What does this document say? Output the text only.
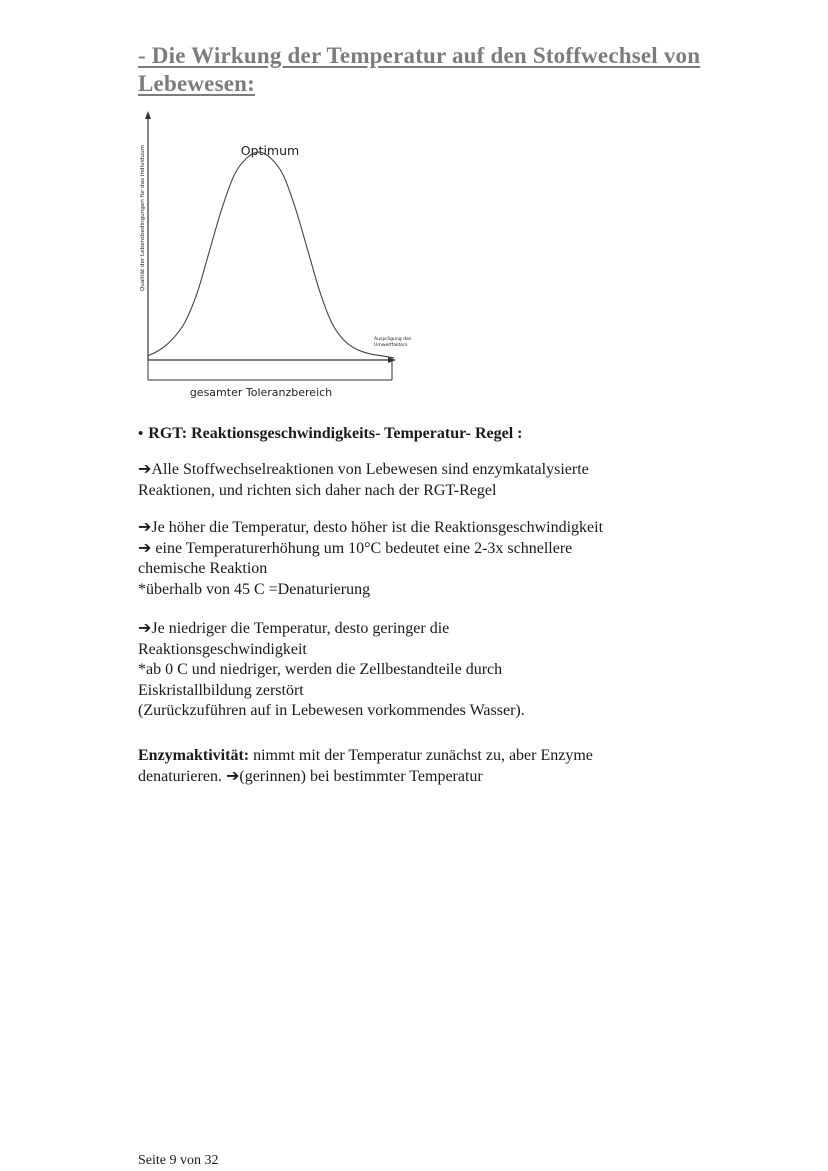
- Die Wirkung der Temperatur auf den Stoffwechsel von
Lebewesen:
Optimum
Qualität der Lebensbedingungen für das Individuum
Ausprägung des
Umweltfaktors
gesamter Toleranzbereich

• RGT: Reaktionsgeschwindigkeits- Temperatur- Regel :

➔Alle Stoffwechselreaktionen von Lebewesen sind enzymkatalysierte
Reaktionen, und richten sich daher nach der RGT-Regel

➔Je höher die Temperatur, desto höher ist die Reaktionsgeschwindigkeit
➔ eine Temperaturerhöhung um 10°C bedeutet eine 2-3x schnellere
chemische Reaktion
*überhalb von 45 C =Denaturierung

➔Je niedriger die Temperatur, desto geringer die
Reaktionsgeschwindigkeit
*ab 0 C und niedriger, werden die Zellbestandteile durch
Eiskristallbildung zerstört
(Zurückzuführen auf in Lebewesen vorkommendes Wasser).

Enzymaktivität: nimmt mit der Temperatur zunächst zu, aber Enzyme
denaturieren. ➔(gerinnen) bei bestimmter Temperatur

Seite 9 von 32
